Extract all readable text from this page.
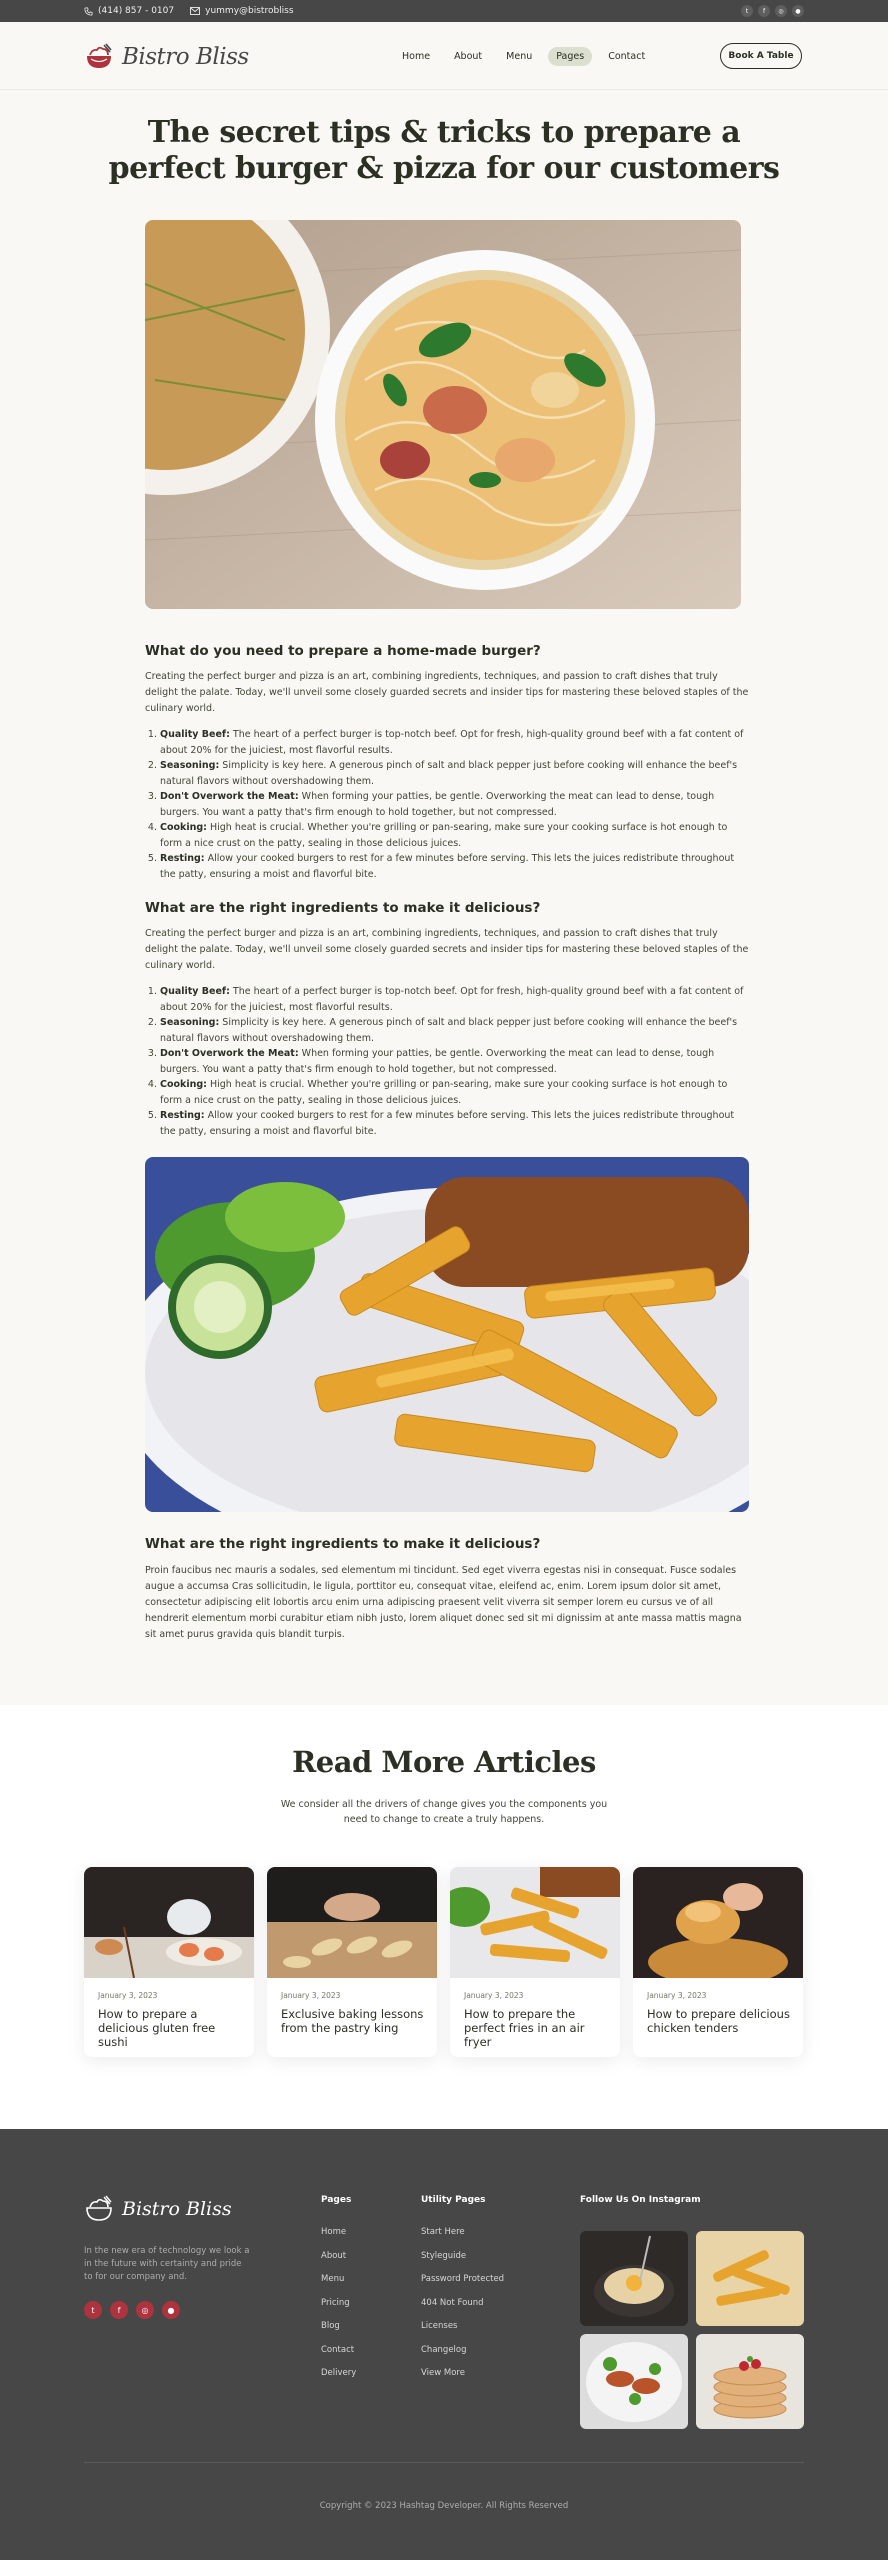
(414) 857 - 0107	yummy@bistrobliss	t	f	◎	●
Bistro Bliss	Home	About	Menu	Pages	Contact	Book A Table
The secret tips & tricks to prepare a
perfect burger & pizza for our customers
What do you need to prepare a home-made burger?

Creating the perfect burger and pizza is an art, combining ingredients, techniques, and passion to craft dishes that truly delight the palate. Today, we'll unveil some closely guarded secrets and insider tips for mastering these beloved staples of the culinary world.

1. Quality Beef: The heart of a perfect burger is top-notch beef. Opt for fresh, high-quality ground beef with a fat content of about 20% for the juiciest, most flavorful results.
2. Seasoning: Simplicity is key here. A generous pinch of salt and black pepper just before cooking will enhance the beef's natural flavors without overshadowing them.
3. Don't Overwork the Meat: When forming your patties, be gentle. Overworking the meat can lead to dense, tough burgers. You want a patty that's firm enough to hold together, but not compressed.
4. Cooking: High heat is crucial. Whether you're grilling or pan-searing, make sure your cooking surface is hot enough to form a nice crust on the patty, sealing in those delicious juices.
5. Resting: Allow your cooked burgers to rest for a few minutes before serving. This lets the juices redistribute throughout the patty, ensuring a moist and flavorful bite.
What are the right ingredients to make it delicious?

Creating the perfect burger and pizza is an art, combining ingredients, techniques, and passion to craft dishes that truly delight the palate. Today, we'll unveil some closely guarded secrets and insider tips for mastering these beloved staples of the culinary world.

1. Quality Beef: The heart of a perfect burger is top-notch beef. Opt for fresh, high-quality ground beef with a fat content of about 20% for the juiciest, most flavorful results.
2. Seasoning: Simplicity is key here. A generous pinch of salt and black pepper just before cooking will enhance the beef's natural flavors without overshadowing them.
3. Don't Overwork the Meat: When forming your patties, be gentle. Overworking the meat can lead to dense, tough burgers. You want a patty that's firm enough to hold together, but not compressed.
4. Cooking: High heat is crucial. Whether you're grilling or pan-searing, make sure your cooking surface is hot enough to form a nice crust on the patty, sealing in those delicious juices.
5. Resting: Allow your cooked burgers to rest for a few minutes before serving. This lets the juices redistribute throughout the patty, ensuring a moist and flavorful bite.
What are the right ingredients to make it delicious?

Proin faucibus nec mauris a sodales, sed elementum mi tincidunt. Sed eget viverra egestas nisi in consequat. Fusce sodales augue a accumsa Cras sollicitudin, le ligula, porttitor eu, consequat vitae, eleifend ac, enim. Lorem ipsum dolor sit amet, consectetur adipiscing elit lobortis arcu enim urna adipiscing praesent velit viverra sit semper lorem eu cursus ve of all hendrerit elementum morbi curabitur etiam nibh justo, lorem aliquet donec sed sit mi dignissim at ante massa mattis magna sit amet purus gravida quis blandit turpis.

Read More Articles

We consider all the drivers of change gives you the components you need to change to create a truly happens.

January 3, 2023
How to prepare a delicious gluten free sushi
January 3, 2023
Exclusive baking lessons from the pastry king
January 3, 2023
How to prepare the perfect fries in an air fryer
January 3, 2023
How to prepare delicious chicken tenders
Bistro Bliss

In the new era of technology we look a in the future with certainty and pride to for our company and.

t	f	◎	●
Pages
Home
About
Menu
Pricing
Blog
Contact
Delivery
Utility Pages
Start Here
Styleguide
Password Protected
404 Not Found
Licenses
Changelog
View More
Follow Us On Instagram
Copyright © 2023 Hashtag Developer. All Rights Reserved
